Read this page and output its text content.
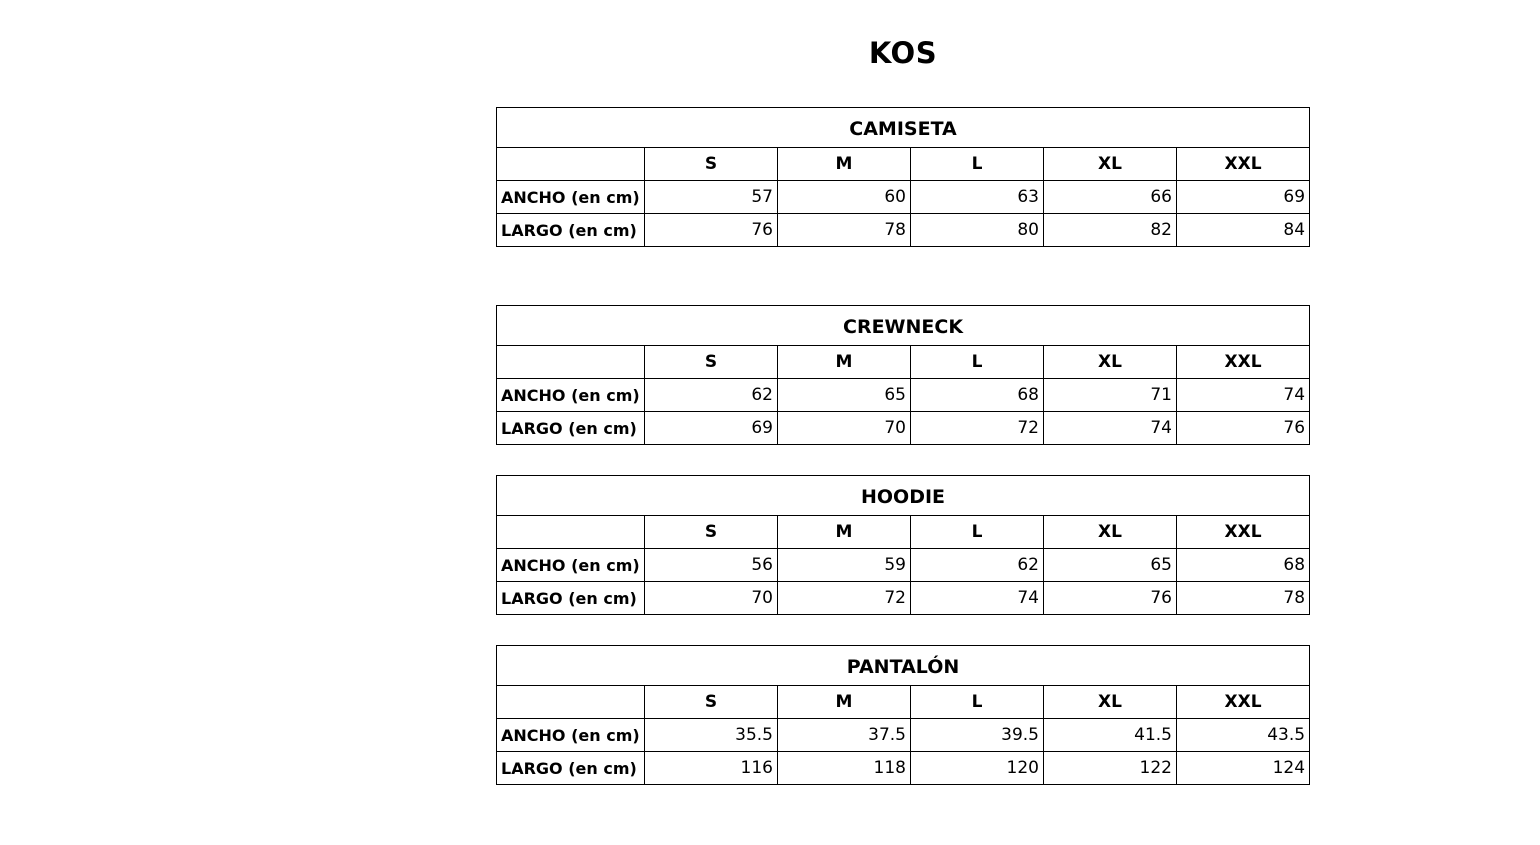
KOS
CAMISETA					
	S	M	L	XL	XXL
ANCHO (en cm)	57	60	63	66	69
LARGO (en cm)	76	78	80	82	84
CREWNECK					
	S	M	L	XL	XXL
ANCHO (en cm)	62	65	68	71	74
LARGO (en cm)	69	70	72	74	76
HOODIE					
	S	M	L	XL	XXL
ANCHO (en cm)	56	59	62	65	68
LARGO (en cm)	70	72	74	76	78
PANTALÓN					
	S	M	L	XL	XXL
ANCHO (en cm)	35.5	37.5	39.5	41.5	43.5
LARGO (en cm)	116	118	120	122	124
